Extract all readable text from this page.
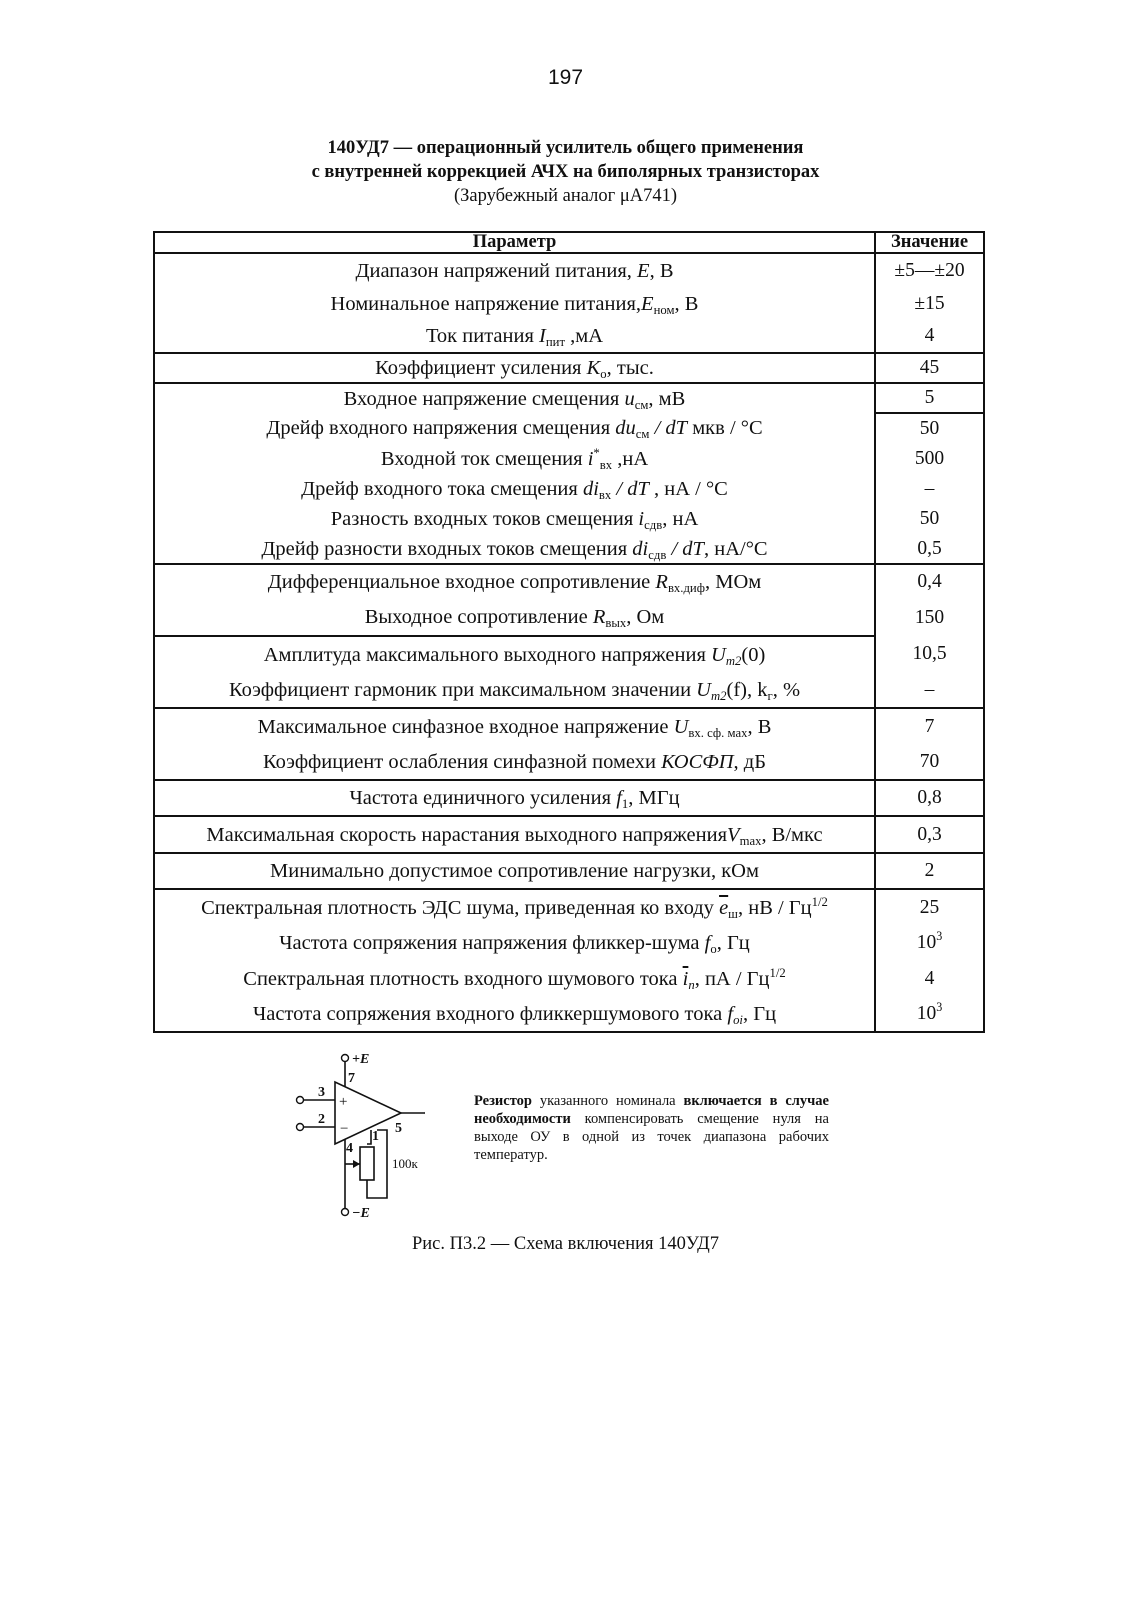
197
140УД7 — операционный усилитель общего применения
с внутренней коррекцией АЧХ на биполярных транзисторах
(Зарубежный аналог μА741)
Параметр	Значение
Диапазон напряжений питания, E, В	±5—±20
Номинальное напряжение $питания,E_{ном}$, В	±15
Ток питания $I_{пит}$ ,мА	4
Коэффициент усиления $K_о$, тыс.	45
Входное напряжение смещения $u_{см}$, мВ	5
Дрейф входного напряжения смещения $du_{см}$ / dT мкв / °C	50
Входной ток смещения $i^*_{вх}$ ,нА	500
Дрейф входного тока смещения $di_{вх}$ / dT , нА / °C	–
Разность входных токов смещения $i_{сдв}$, нА	50
Дрейф разности входных токов смещения $di_{сдв}$ / dT, нА/°С	0,5
Дифференциальное входное сопротивление $R_{вх.диф}$, МОм	0,4
Выходное сопротивление $R_{вых}$, Ом	150
Амплитуда максимального выходного напряжения $U_{m2}(0)$	10,5
Коэффициент гармоник при максимальном значении $U_{m2}(f)$, $k_г$, %	–
Максимальное синфазное входное напряжение $U_{вх. сф. мах}$, В	7
Коэффициент ослабления синфазной помехи КОСФП, дБ	70
Частота единичного усиления $f_1$, МГц	0,8
Максимальная скорость нарастания выходного напряженияV$_{max}$, В/мкс	0,3
Минимально допустимое сопротивление нагрузки, кОм	2
Спектральная плотность ЭДС шума, приведенная ко входу $\overline{e}_ш$, нВ / $Гц^{1/2}$	25
Частота сопряжения напряжения фликкер-шума $f_о$, Гц	$10^3$
Спектральная плотность входного шумового тока $\overline{i}_n$, пА / $Гц^{1/2}$	4
Частота сопряжения входного фликкершумового тока $f_{oi}$, Гц	$10^3$
+E
7
3
2
+
−	5
1
4
100к
−E
Резистор указанного номинала включается в случае необходимости компенсировать смещение нуля на выходе ОУ в одной из точек диапазона рабочих температур.
Рис. П3.2 — Схема включения 140УД7
